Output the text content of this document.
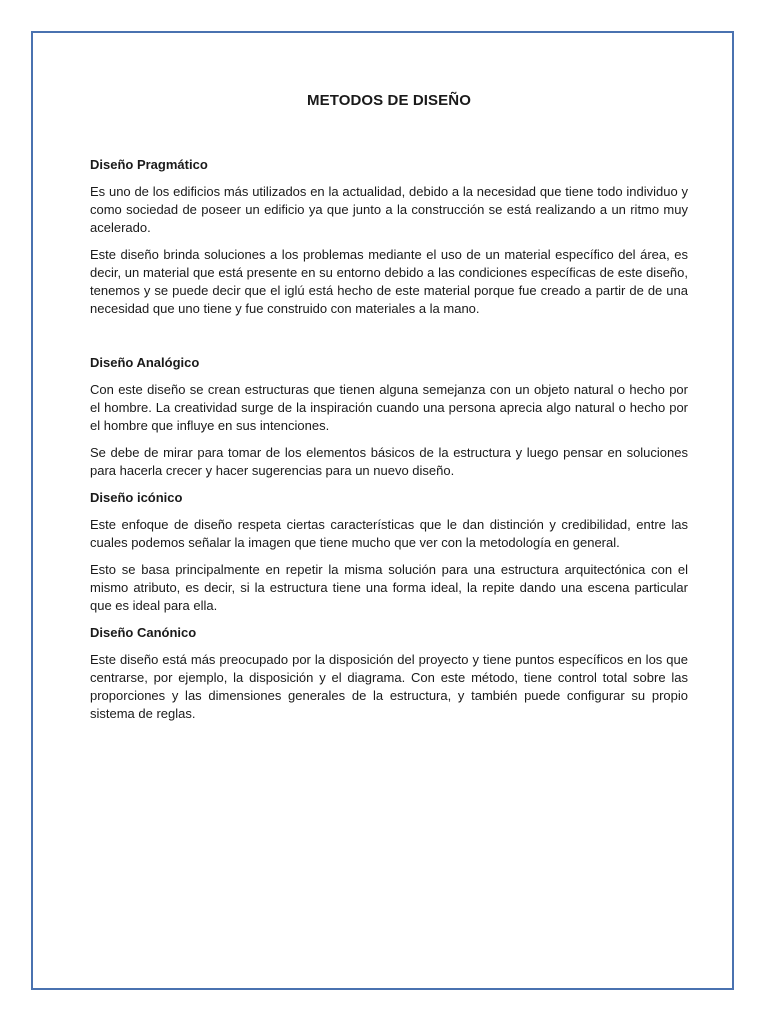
METODOS DE DISEÑO
Diseño Pragmático

Es uno de los edificios más utilizados en la actualidad, debido a la necesidad que tiene todo individuo y como sociedad de poseer un edificio ya que junto a la construcción se está realizando a un ritmo muy acelerado.

Este diseño brinda soluciones a los problemas mediante el uso de un material específico del área, es decir, un material que está presente en su entorno debido a las condiciones específicas de este diseño, tenemos y se puede decir que el iglú está hecho de este material porque fue creado a partir de de una necesidad que uno tiene y fue construido con materiales a la mano.

Diseño Analógico

Con este diseño se crean estructuras que tienen alguna semejanza con un objeto natural o hecho por el hombre. La creatividad surge de la inspiración cuando una persona aprecia algo natural o hecho por el hombre que influye en sus intenciones.

Se debe de mirar para tomar de los elementos básicos de la estructura y luego pensar en soluciones para hacerla crecer y hacer sugerencias para un nuevo diseño.

Diseño icónico

Este enfoque de diseño respeta ciertas características que le dan distinción y credibilidad, entre las cuales podemos señalar la imagen que tiene mucho que ver con la metodología en general.

Esto se basa principalmente en repetir la misma solución para una estructura arquitectónica con el mismo atributo, es decir, si la estructura tiene una forma ideal, la repite dando una escena particular que es ideal para ella.

Diseño Canónico

Este diseño está más preocupado por la disposición del proyecto y tiene puntos específicos en los que centrarse, por ejemplo, la disposición y el diagrama. Con este método, tiene control total sobre las proporciones y las dimensiones generales de la estructura, y también puede configurar su propio sistema de reglas.
